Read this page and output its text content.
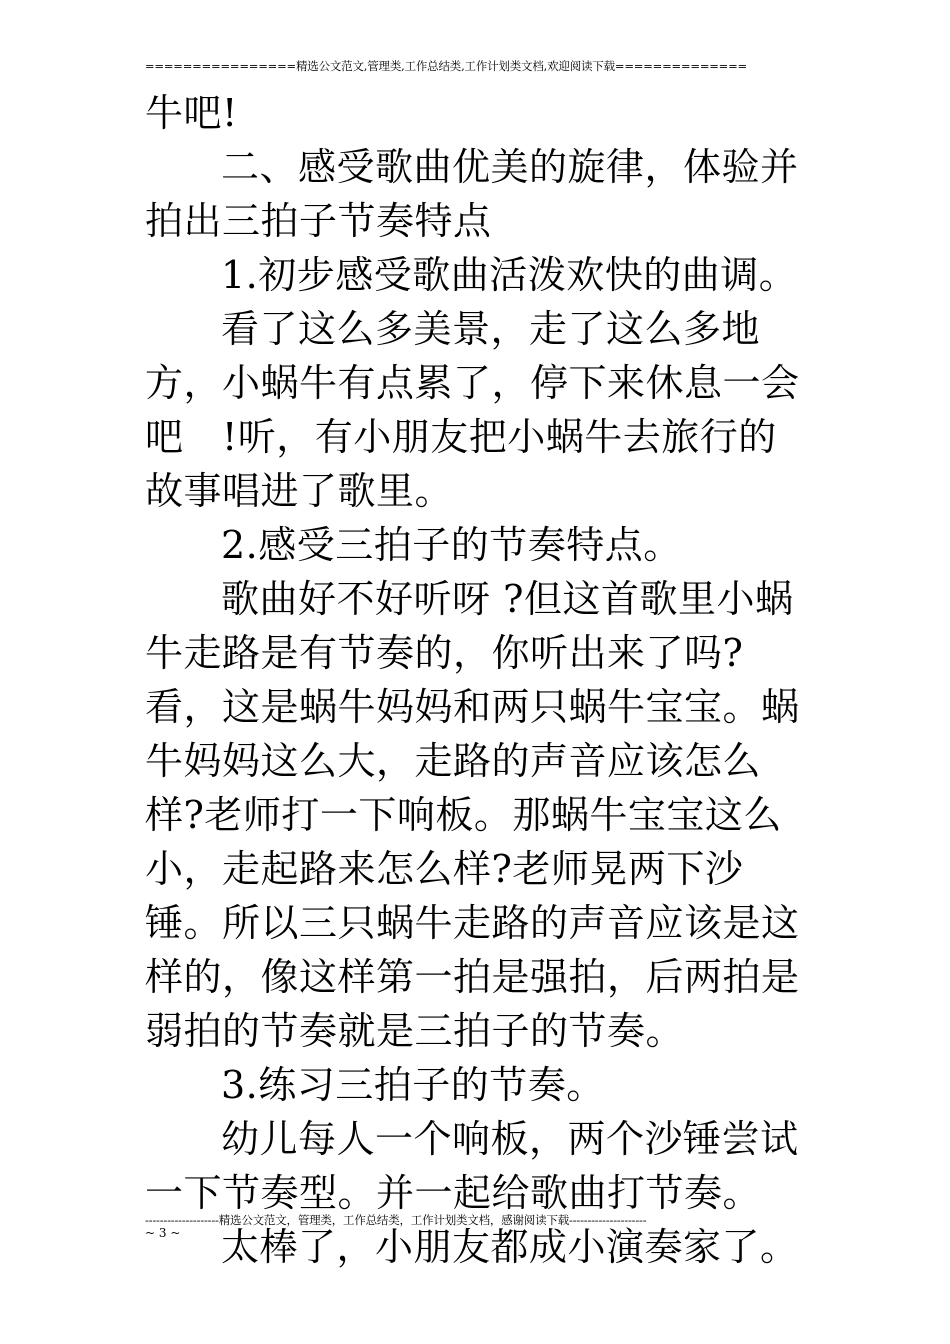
================精选公文范文,管理类,工作总结类,工作计划类文档,欢迎阅读下载==============

牛吧!

二、感受歌曲优美的旋律，体验并拍出三拍子节奏特点

1.初步感受歌曲活泼欢快的曲调。

看了这么多美景，走了这么多地方，小蜗牛有点累了，停下来休息一会吧　!听，有小朋友把小蜗牛去旅行的故事唱进了歌里。

2.感受三拍子的节奏特点。

歌曲好不好听呀 ?但这首歌里小蜗牛走路是有节奏的，你听出来了吗?看，这是蜗牛妈妈和两只蜗牛宝宝。蜗牛妈妈这么大，走路的声音应该怎么样?老师打一下响板。那蜗牛宝宝这么小，走起路来怎么样?老师晃两下沙锤。所以三只蜗牛走路的声音应该是这样的，像这样第一拍是强拍，后两拍是弱拍的节奏就是三拍子的节奏。

3.练习三拍子的节奏。

幼儿每人一个响板，两个沙锤尝试一下节奏型。并一起给歌曲打节奏。

太棒了，小朋友都成小演奏家了。

--------------------精选公文范文，管理类，工作总结类，工作计划类文档，感谢阅读下载---------------------
~ 3 ~
